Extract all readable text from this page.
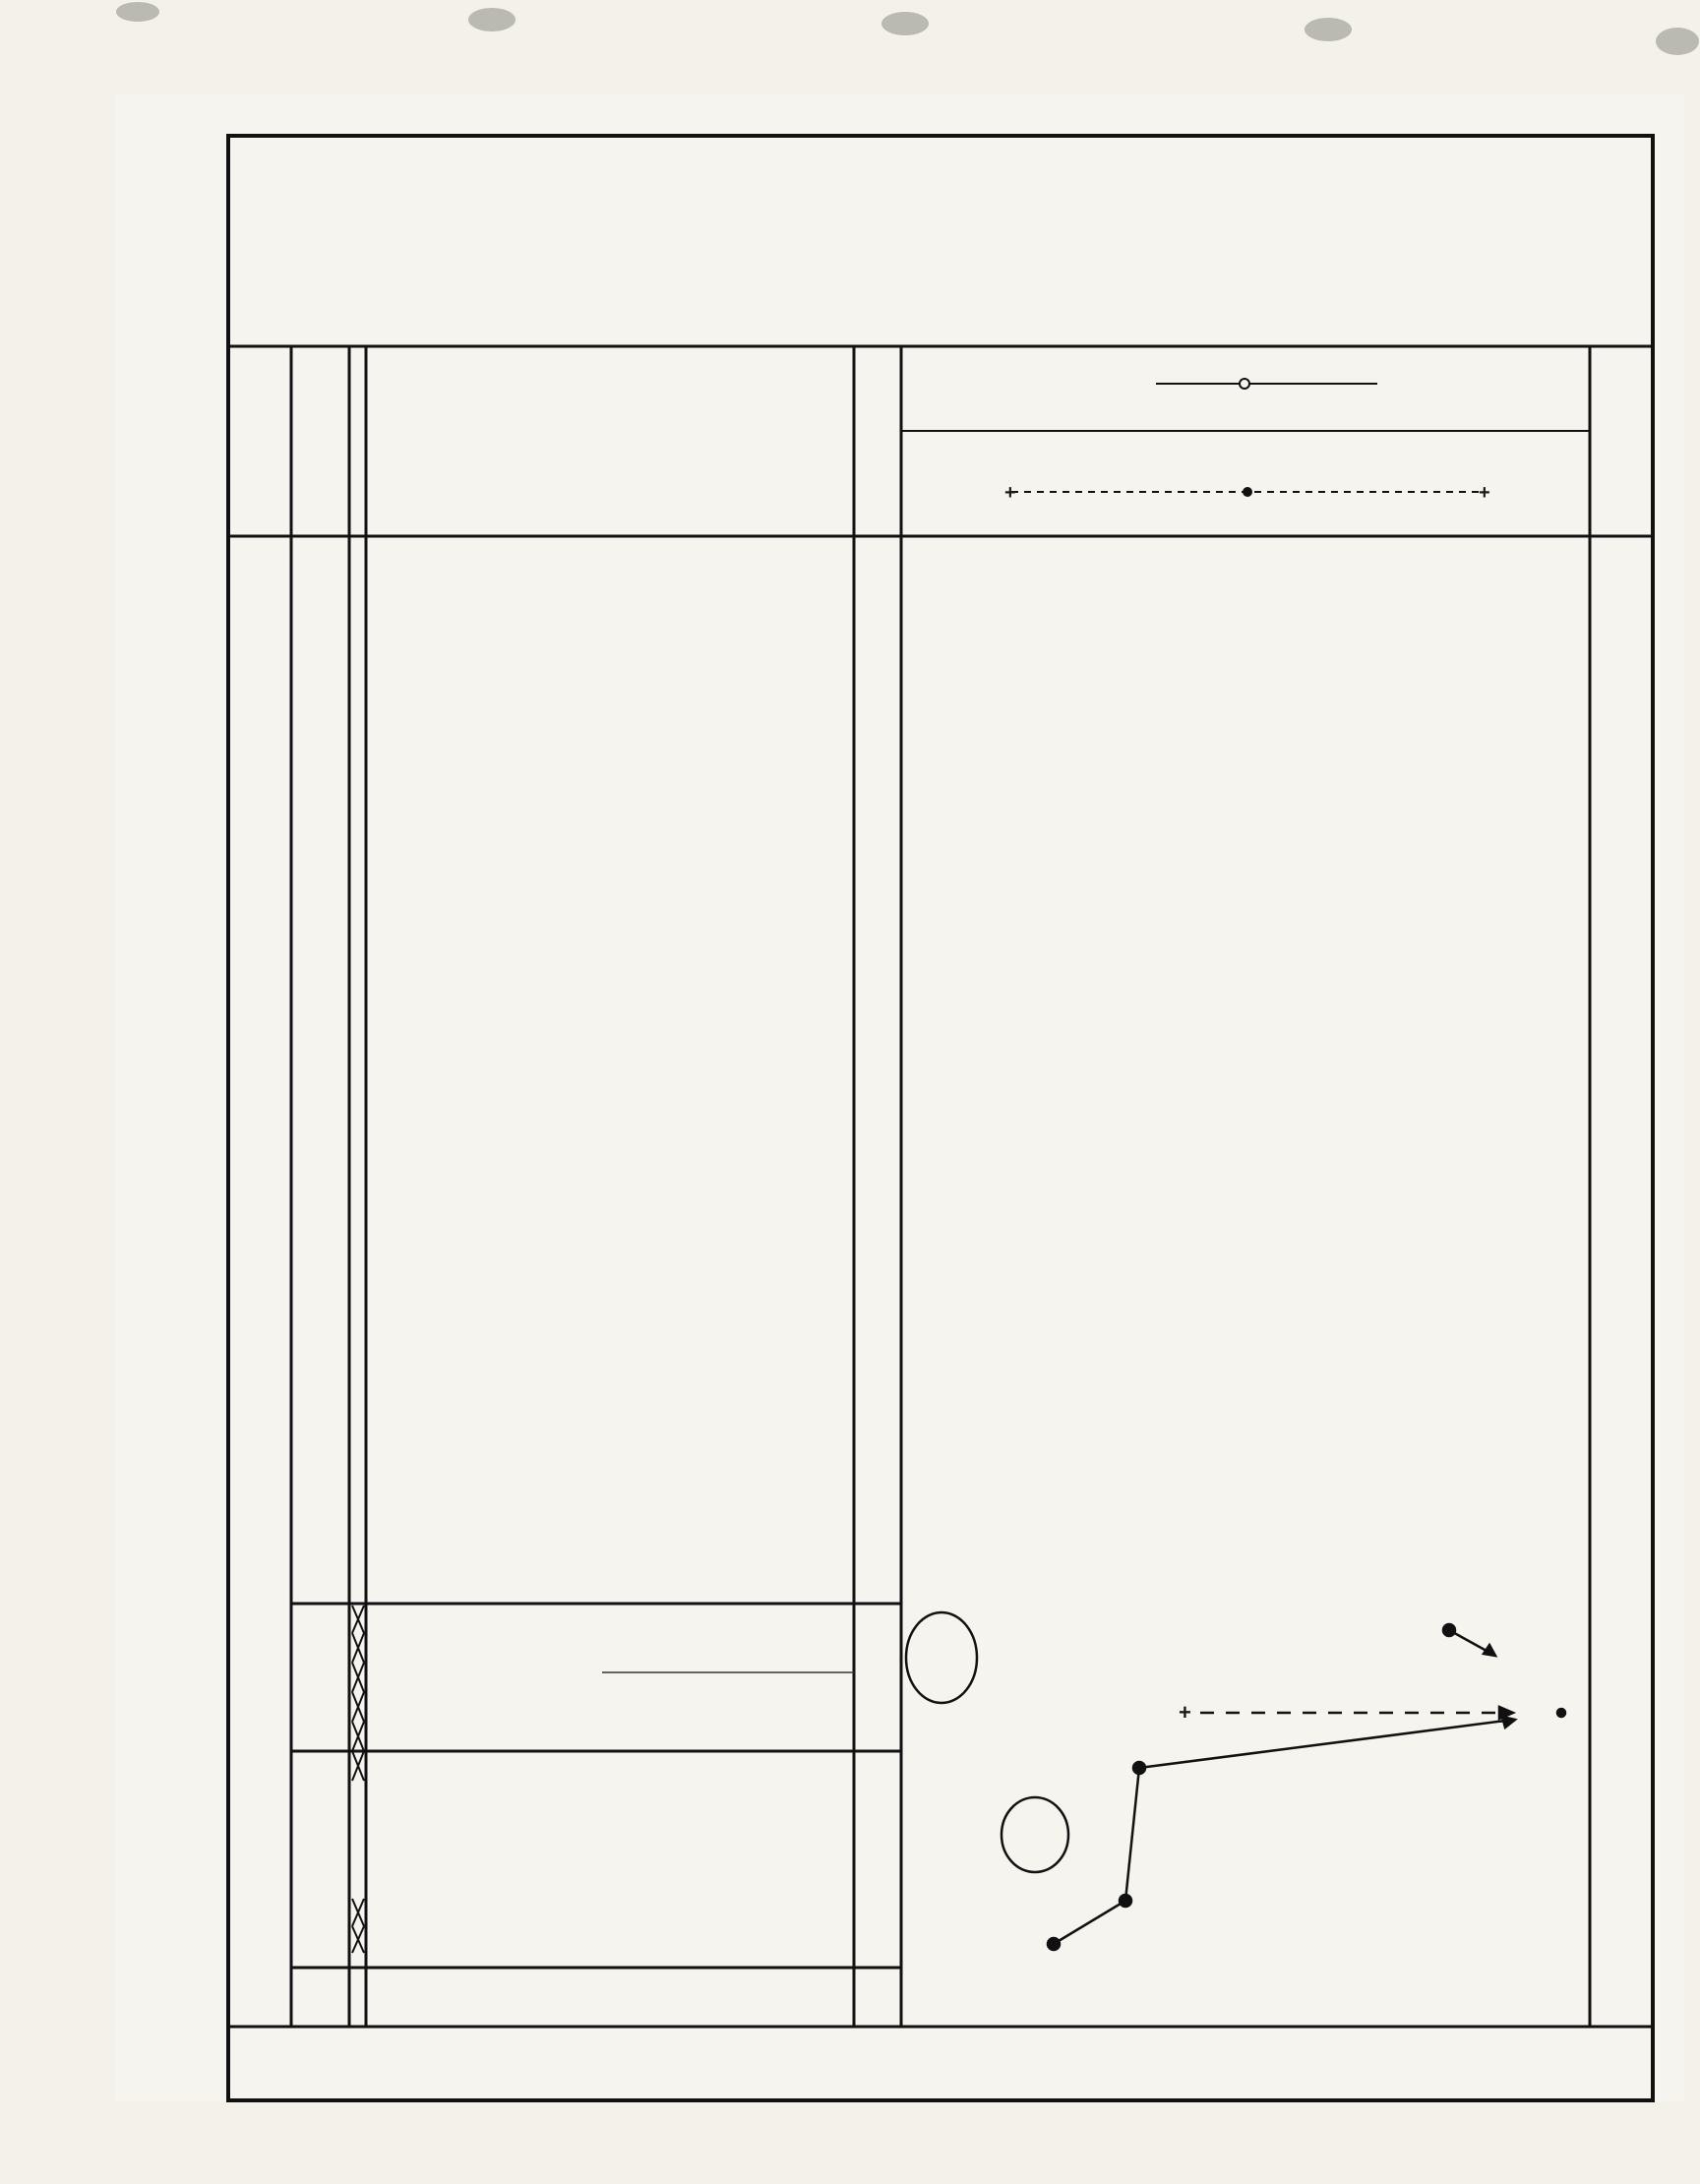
+	+
+
